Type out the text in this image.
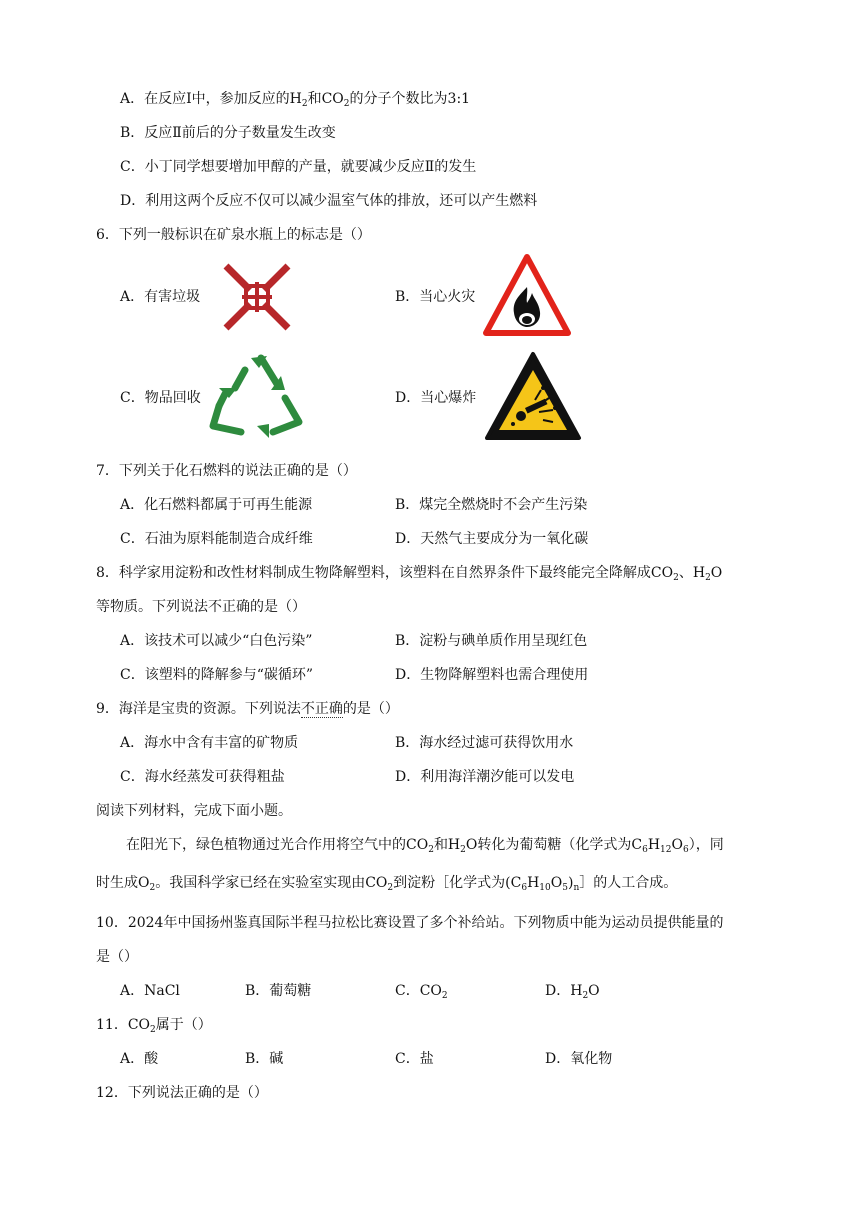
A．在反应Ⅰ中，参加反应的$H_2$和$CO_2$的分子个数比为3:1
B．反应Ⅱ前后的分子数量发生改变
C．小丁同学想要增加甲醇的产量，就要减少反应Ⅱ的发生
D．利用这两个反应不仅可以减少温室气体的排放，还可以产生燃料
6．下列一般标识在矿泉水瓶上的标志是（）
A．有害垃圾	B．当心火灾
C．物品回收	D．当心爆炸
7．下列关于化石燃料的说法正确的是（）
A．化石燃料都属于可再生能源	B．煤完全燃烧时不会产生污染
C．石油为原料能制造合成纤维	D．天然气主要成分为一氧化碳
8．科学家用淀粉和改性材料制成生物降解塑料，该塑料在自然界条件下最终能完全降解成$CO_2$、$H_2O$
等物质。下列说法不正确的是（）
A．该技术可以减少“白色污染”	B．淀粉与碘单质作用呈现红色
C．该塑料的降解参与“碳循环”	D．生物降解塑料也需合理使用
9．海洋是宝贵的资源。下列说法不正确的是（）
A．海水中含有丰富的矿物质	B．海水经过滤可获得饮用水
C．海水经蒸发可获得粗盐	D．利用海洋潮汐能可以发电
阅读下列材料，完成下面小题。
在阳光下，绿色植物通过光合作用将空气中的$CO_2$和$H_2O$转化为葡萄糖（化学式为$C_6H_{12}O_6$），同
时生成$O_2$。我国科学家已经在实验室实现由$CO_2$到淀粉［化学式为$(C_6H_{10}O_5)_n]$的人工合成。
10．2024年中国扬州鉴真国际半程马拉松比赛设置了多个补给站。下列物质中能为运动员提供能量的
是（）
A．NaCl	B．葡萄糖	C．$CO_2$	D．$H_2O$
11．$CO_2$属于（）
A．酸	B．碱	C．盐	D．氧化物
12．下列说法正确的是（）
